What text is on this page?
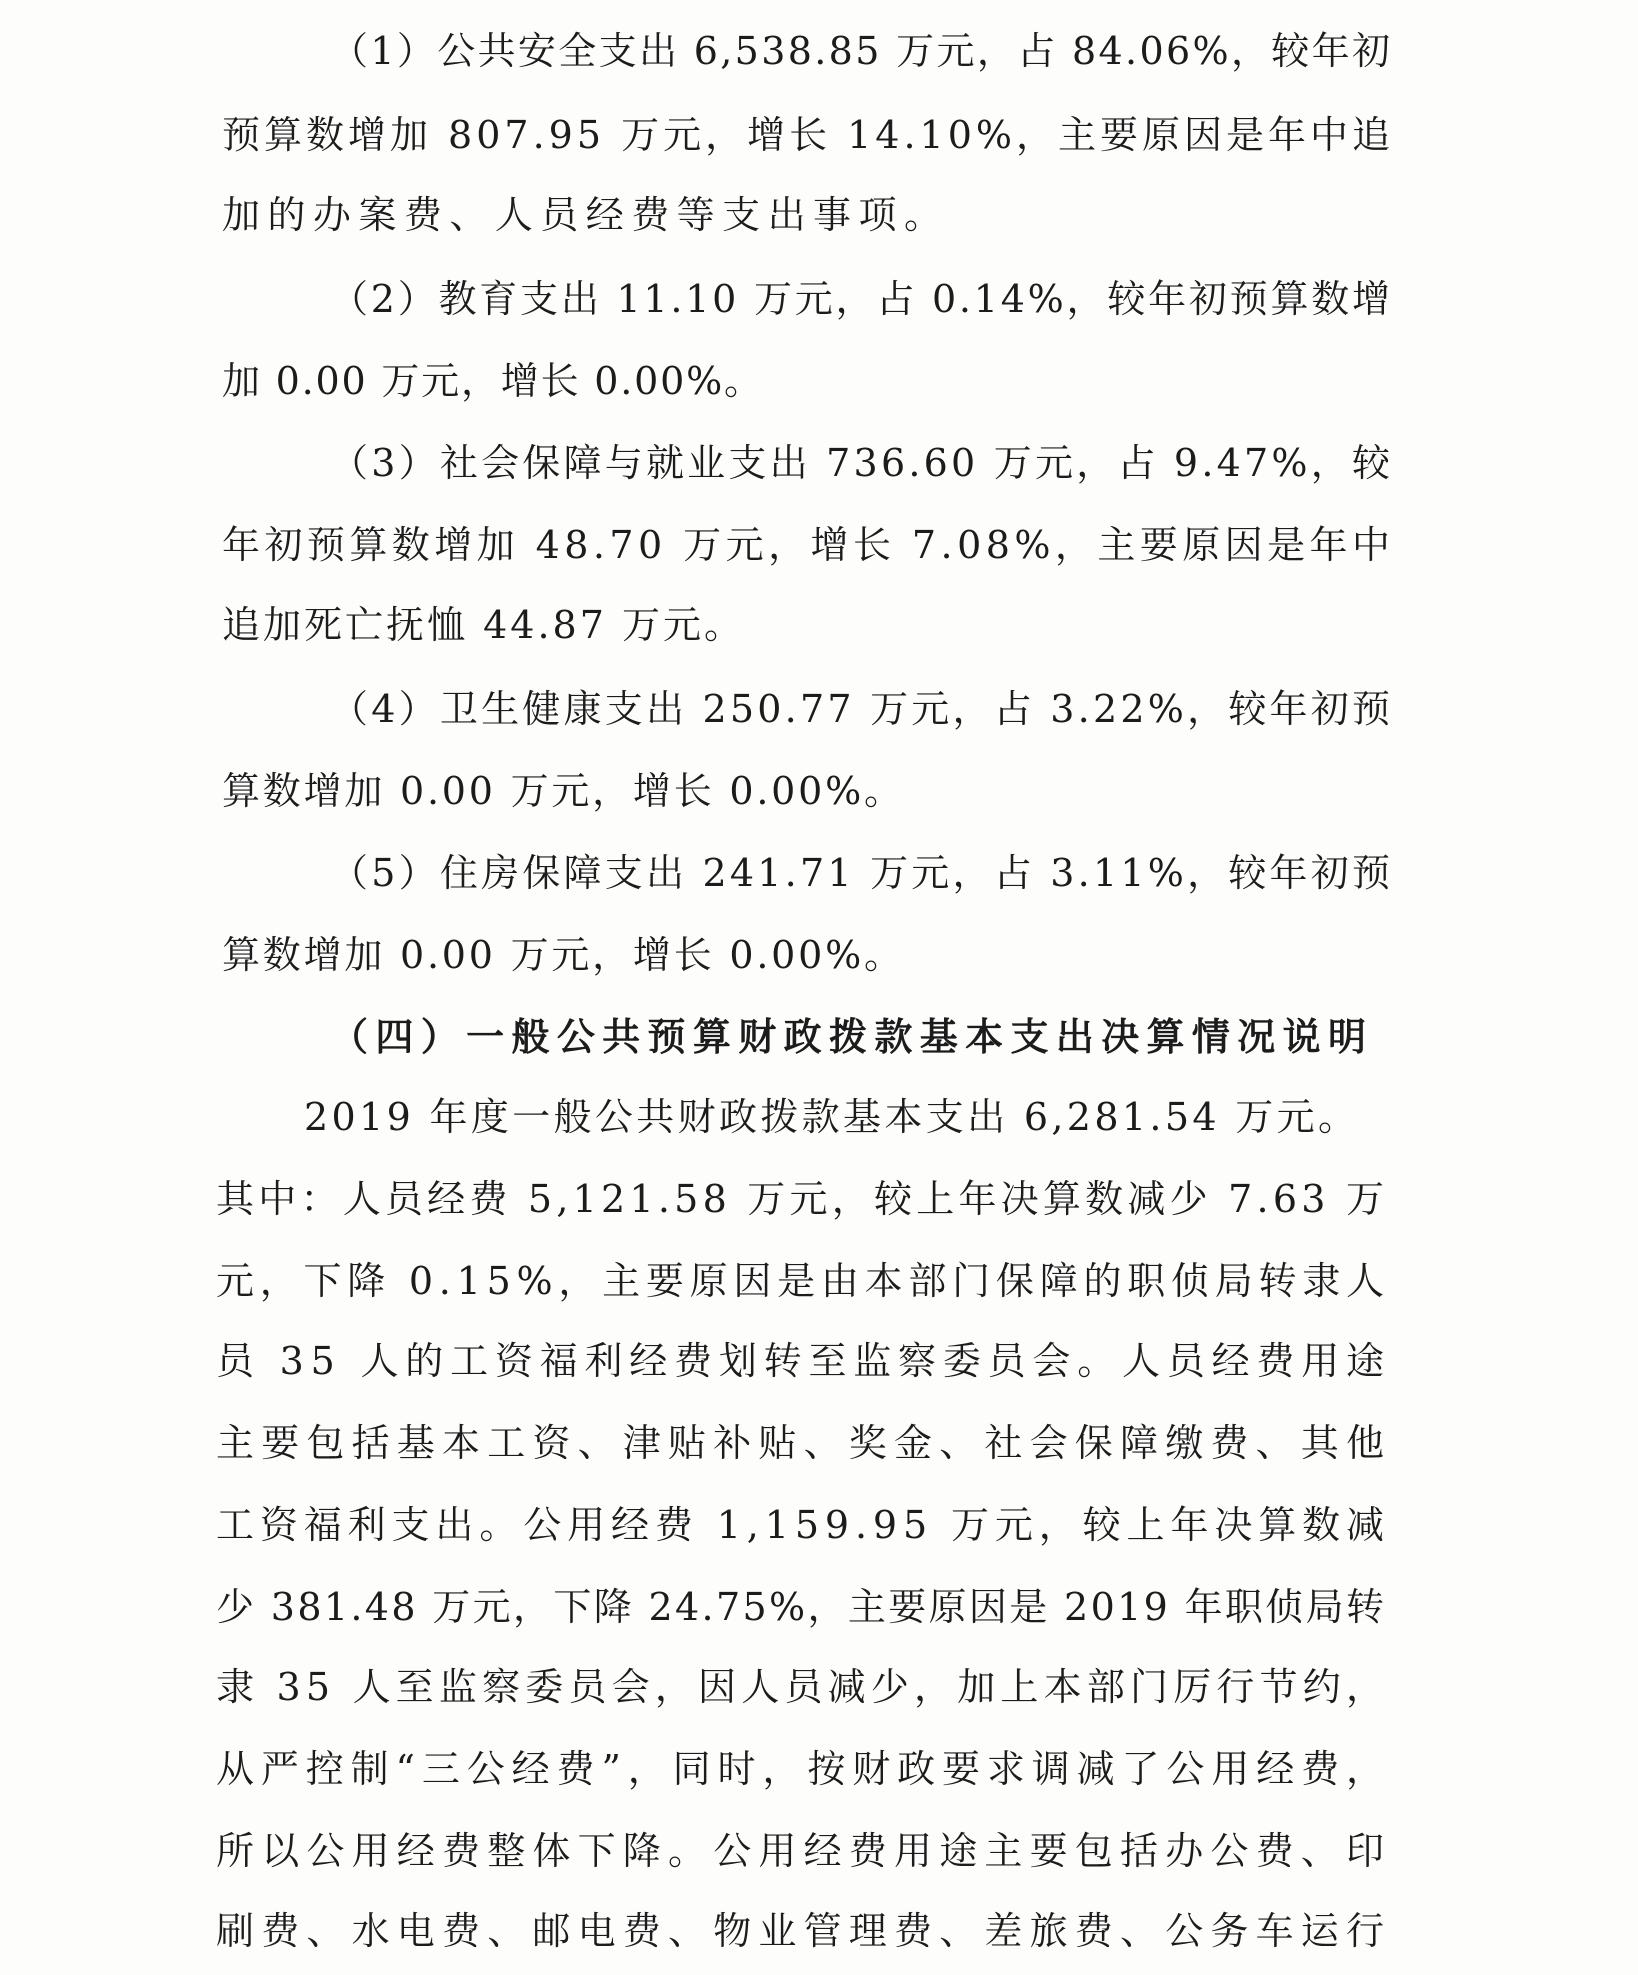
（1）公共安全支出 6,538.85 万元，占 84.06%，较年初
预算数增加 807.95 万元，增长 14.10%，主要原因是年中追
加的办案费、人员经费等支出事项。
（2）教育支出 11.10 万元，占 0.14%，较年初预算数增
加 0.00 万元，增长 0.00%。
（3）社会保障与就业支出 736.60 万元，占 9.47%，较
年初预算数增加 48.70 万元，增长 7.08%，主要原因是年中
追加死亡抚恤 44.87 万元。
（4）卫生健康支出 250.77 万元，占 3.22%，较年初预
算数增加 0.00 万元，增长 0.00%。
（5）住房保障支出 241.71 万元，占 3.11%，较年初预
算数增加 0.00 万元，增长 0.00%。
（四）一般公共预算财政拨款基本支出决算情况说明
2019 年度一般公共财政拨款基本支出 6,281.54 万元。
其中：人员经费 5,121.58 万元，较上年决算数减少 7.63 万
元，下降 0.15%，主要原因是由本部门保障的职侦局转隶人
员 35 人的工资福利经费划转至监察委员会。人员经费用途
主要包括基本工资、津贴补贴、奖金、社会保障缴费、其他
工资福利支出。公用经费 1,159.95 万元，较上年决算数减
少 381.48 万元，下降 24.75%，主要原因是 2019 年职侦局转
隶 35 人至监察委员会，因人员减少，加上本部门厉行节约，
从严控制“三公经费”，同时，按财政要求调减了公用经费，
所以公用经费整体下降。公用经费用途主要包括办公费、印
刷费、水电费、邮电费、物业管理费、差旅费、公务车运行
